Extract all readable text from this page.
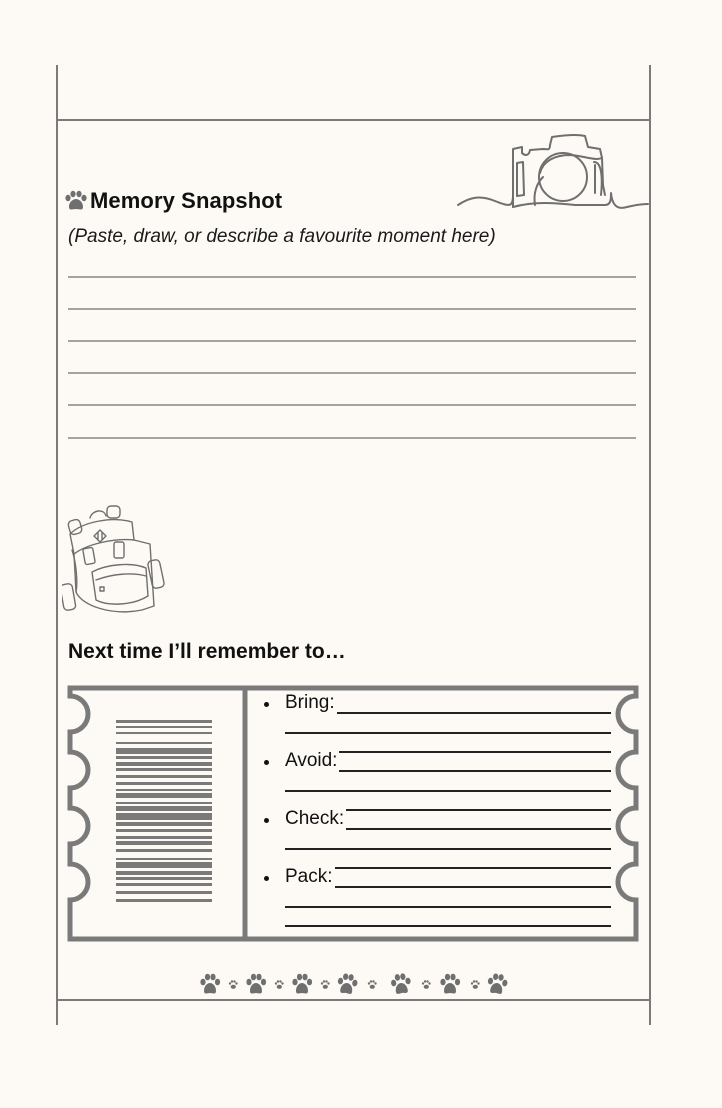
Memory Snapshot
(Paste, draw, or describe a favourite moment here)
Next time I’ll remember to…
Bring:
Avoid:
Check:
Pack:
